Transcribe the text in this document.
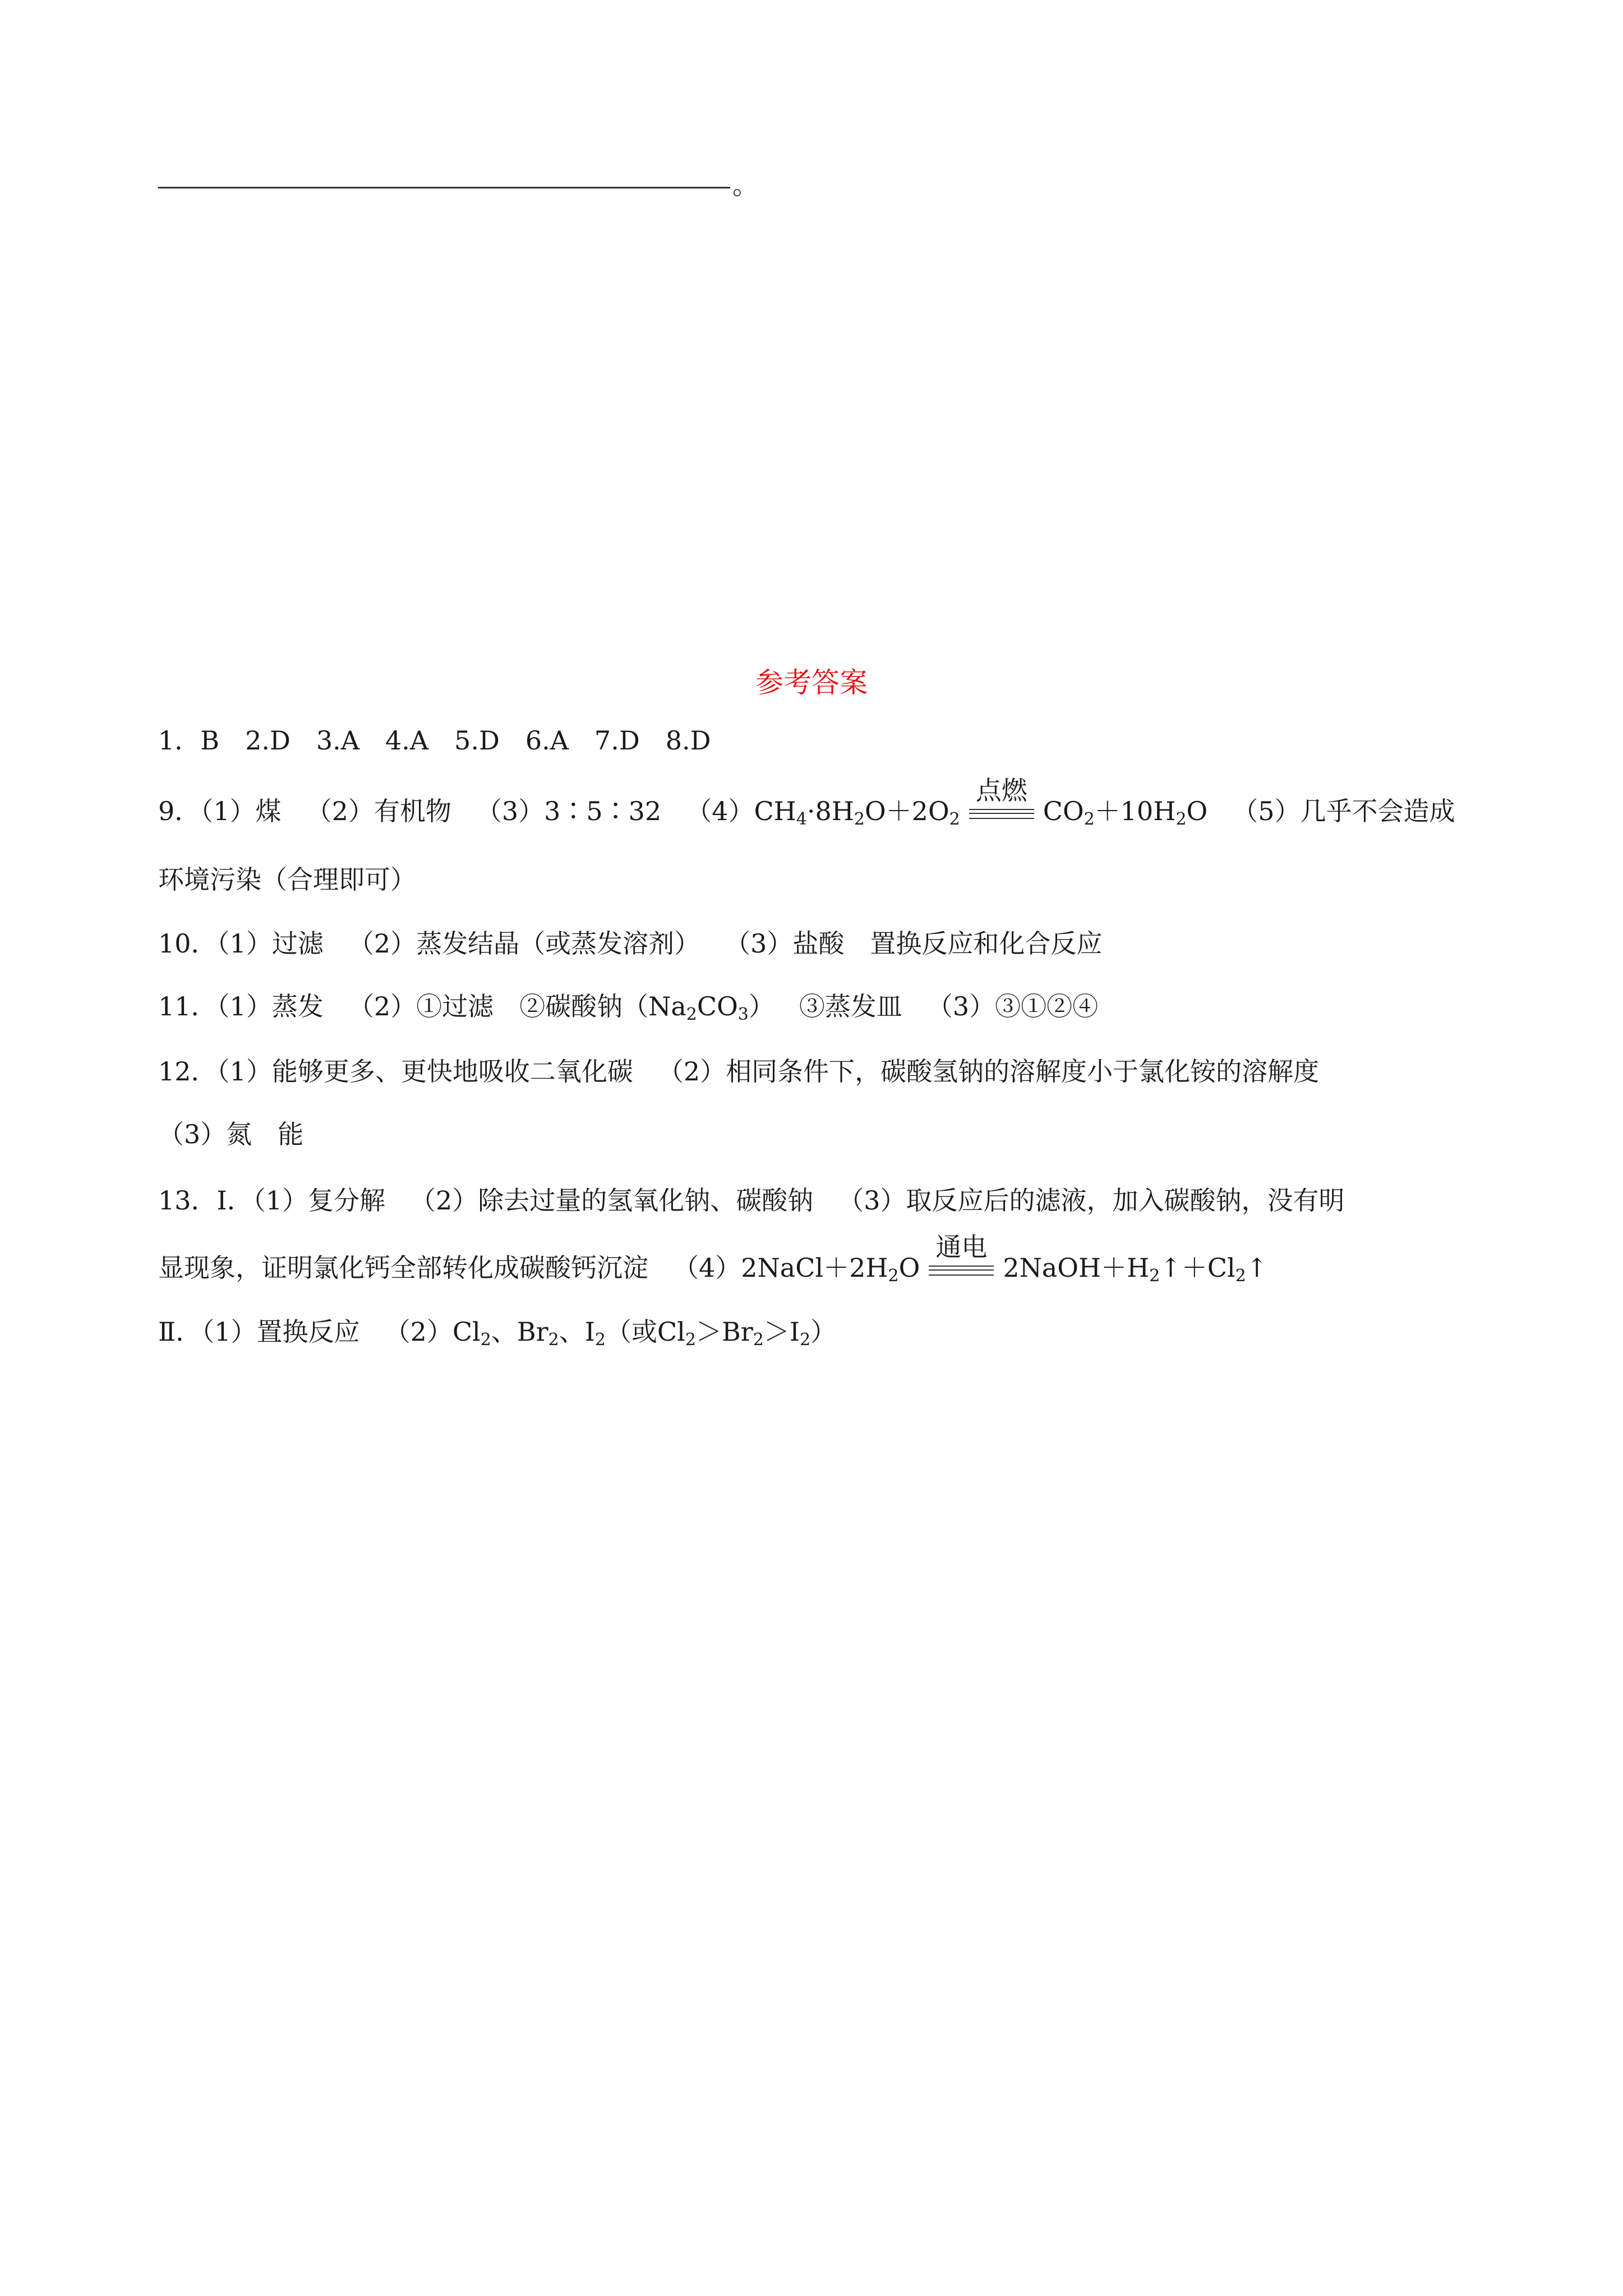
。
参考答案
1．B　2.D　3.A　4.A　5.D　6.A　7.D　8.D
9．（1）煤 （2）有机物 （3）3∶5∶32 $(4)CH_4\cdot 8H_2O+2O_2$
点燃
$CO_2+10H_2O$ （5）几乎不会造成
环境污染（合理即可）
10．（1）过滤 （2）蒸发结晶（或蒸发溶剂） （3）盐酸　置换反应和化合反应
11．（1）蒸发 （2）①过滤　②碳酸钠$(Na_2CO_3)$ ③蒸发皿 （3）③①②④
12．（1）能够更多、更快地吸收二氧化碳 （2）相同条件下，碳酸氢钠的溶解度小于氯化铵的溶解度
（3）氮　能
13．Ⅰ．（1）复分解 （2）除去过量的氢氧化钠、碳酸钠 （3）取反应后的滤液，加入碳酸钠，没有明
显现象，证明氯化钙全部转化成碳酸钙沉淀 $(4)2NaCl+2H_2O$
通电
$2NaOH+H_2↑+Cl_2↑$
Ⅱ．（1）置换反应 $(2)Cl_2$、$Br_2$、$I_2$（或$Cl_2>Br_2>I_2$）
